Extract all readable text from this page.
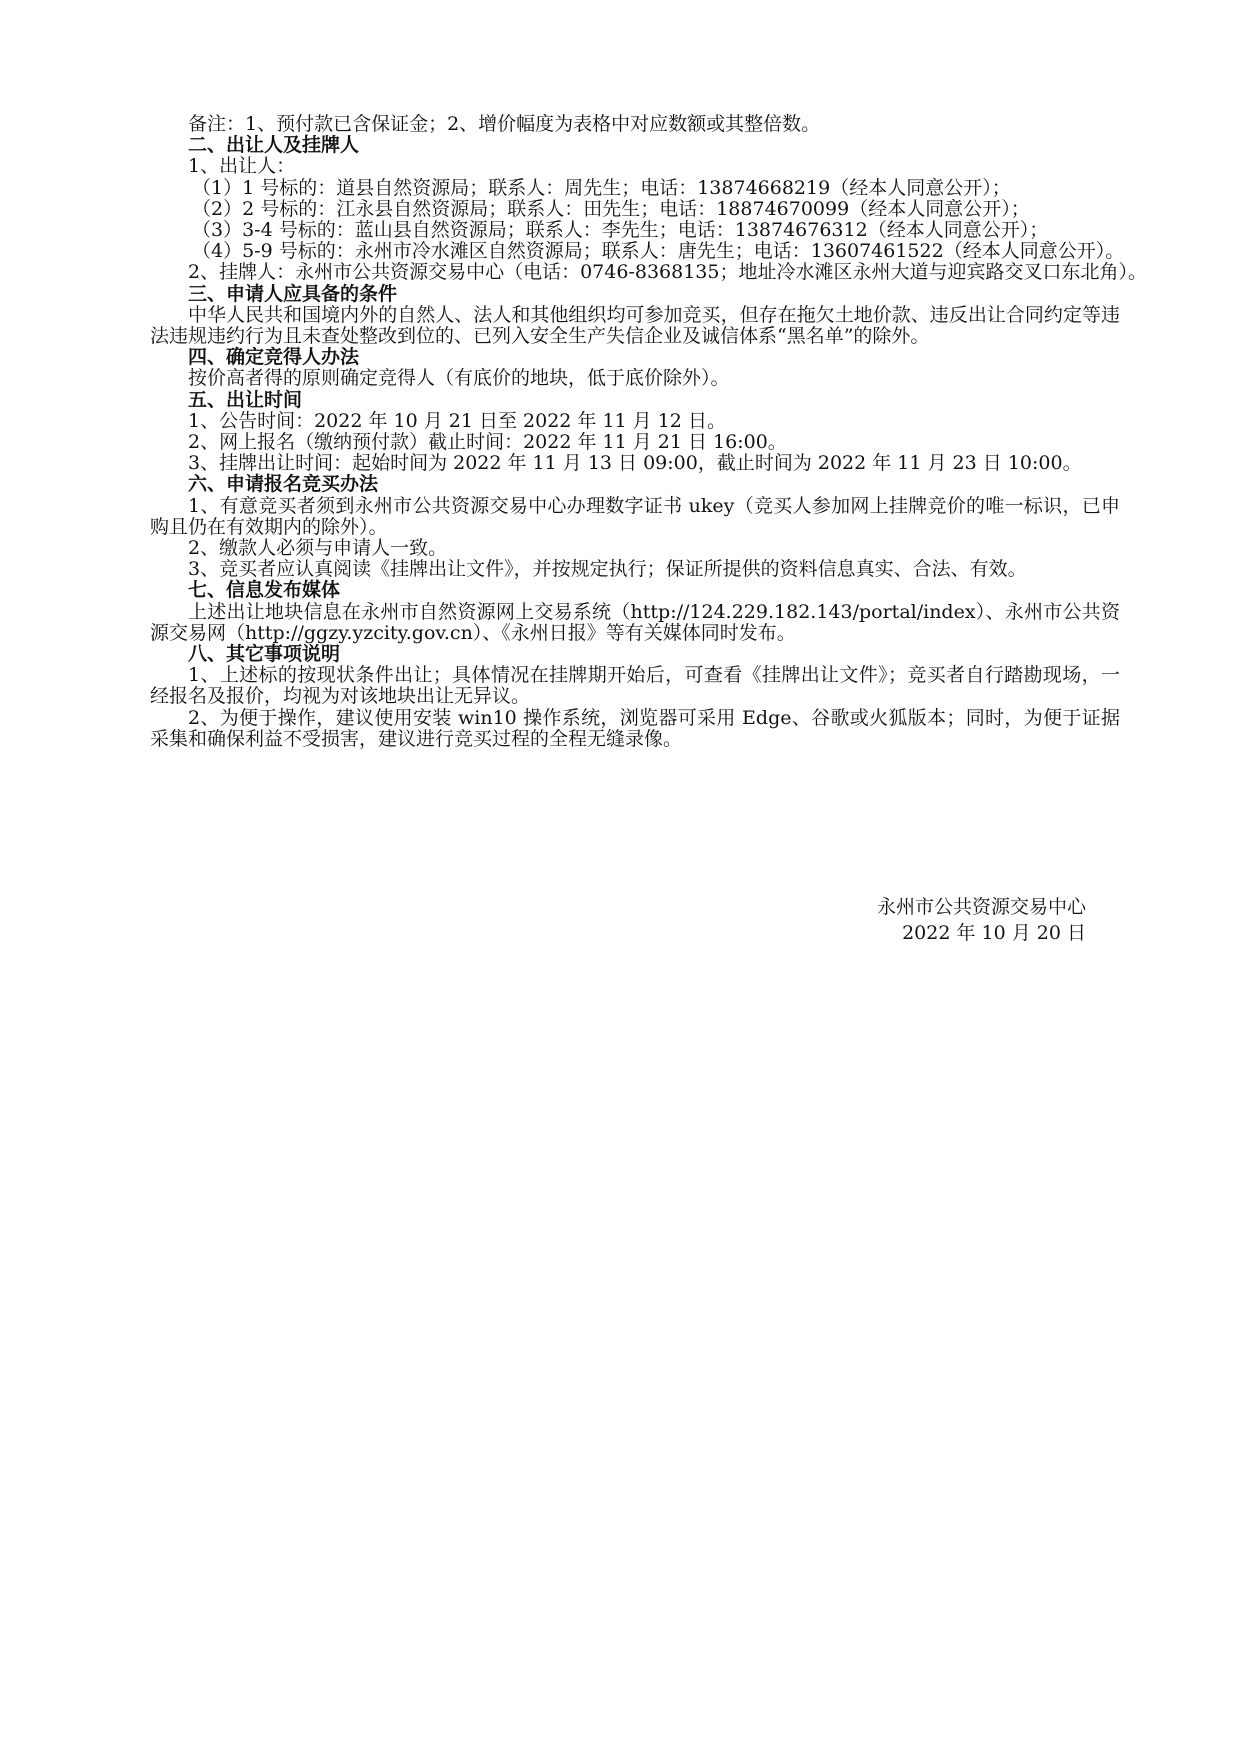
备注：1、预付款已含保证金；2、增价幅度为表格中对应数额或其整倍数。
二、出让人及挂牌人
1、出让人：
（1）1 号标的：道县自然资源局；联系人：周先生；电话：13874668219（经本人同意公开）；
（2）2 号标的：江永县自然资源局；联系人：田先生；电话：18874670099（经本人同意公开）；
（3）3-4 号标的：蓝山县自然资源局；联系人：李先生；电话：13874676312（经本人同意公开）；
（4）5-9 号标的：永州市冷水滩区自然资源局；联系人：唐先生；电话：13607461522（经本人同意公开）。
2、挂牌人：永州市公共资源交易中心（电话：0746-8368135；地址冷水滩区永州大道与迎宾路交叉口东北角）。
三、申请人应具备的条件
中华人民共和国境内外的自然人、法人和其他组织均可参加竞买，但存在拖欠土地价款、违反出让合同约定等违法违规违约行为且未查处整改到位的、已列入安全生产失信企业及诚信体系“黑名单”的除外。
四、确定竞得人办法
按价高者得的原则确定竞得人（有底价的地块，低于底价除外）。
五、出让时间
1、公告时间：2022 年 10 月 21 日至 2022 年 11 月 12 日。
2、网上报名（缴纳预付款）截止时间：2022 年 11 月 21 日 16:00。
3、挂牌出让时间：起始时间为 2022 年 11 月 13 日 09:00，截止时间为 2022 年 11 月 23 日 10:00。
六、申请报名竞买办法
1、有意竞买者须到永州市公共资源交易中心办理数字证书 ukey（竞买人参加网上挂牌竞价的唯一标识，已申购且仍在有效期内的除外）。
2、缴款人必须与申请人一致。
3、竞买者应认真阅读《挂牌出让文件》，并按规定执行；保证所提供的资料信息真实、合法、有效。
七、信息发布媒体
上述出让地块信息在永州市自然资源网上交易系统（http://124.229.182.143/portal/index）、永州市公共资源交易网（http://ggzy.yzcity.gov.cn）、《永州日报》等有关媒体同时发布。
八、其它事项说明
1、上述标的按现状条件出让；具体情况在挂牌期开始后，可查看《挂牌出让文件》；竞买者自行踏勘现场，一经报名及报价，均视为对该地块出让无异议。
2、为便于操作，建议使用安装 win10 操作系统，浏览器可采用 Edge、谷歌或火狐版本；同时，为便于证据采集和确保利益不受损害，建议进行竞买过程的全程无缝录像。
永州市公共资源交易中心
2022 年 10 月 20 日
